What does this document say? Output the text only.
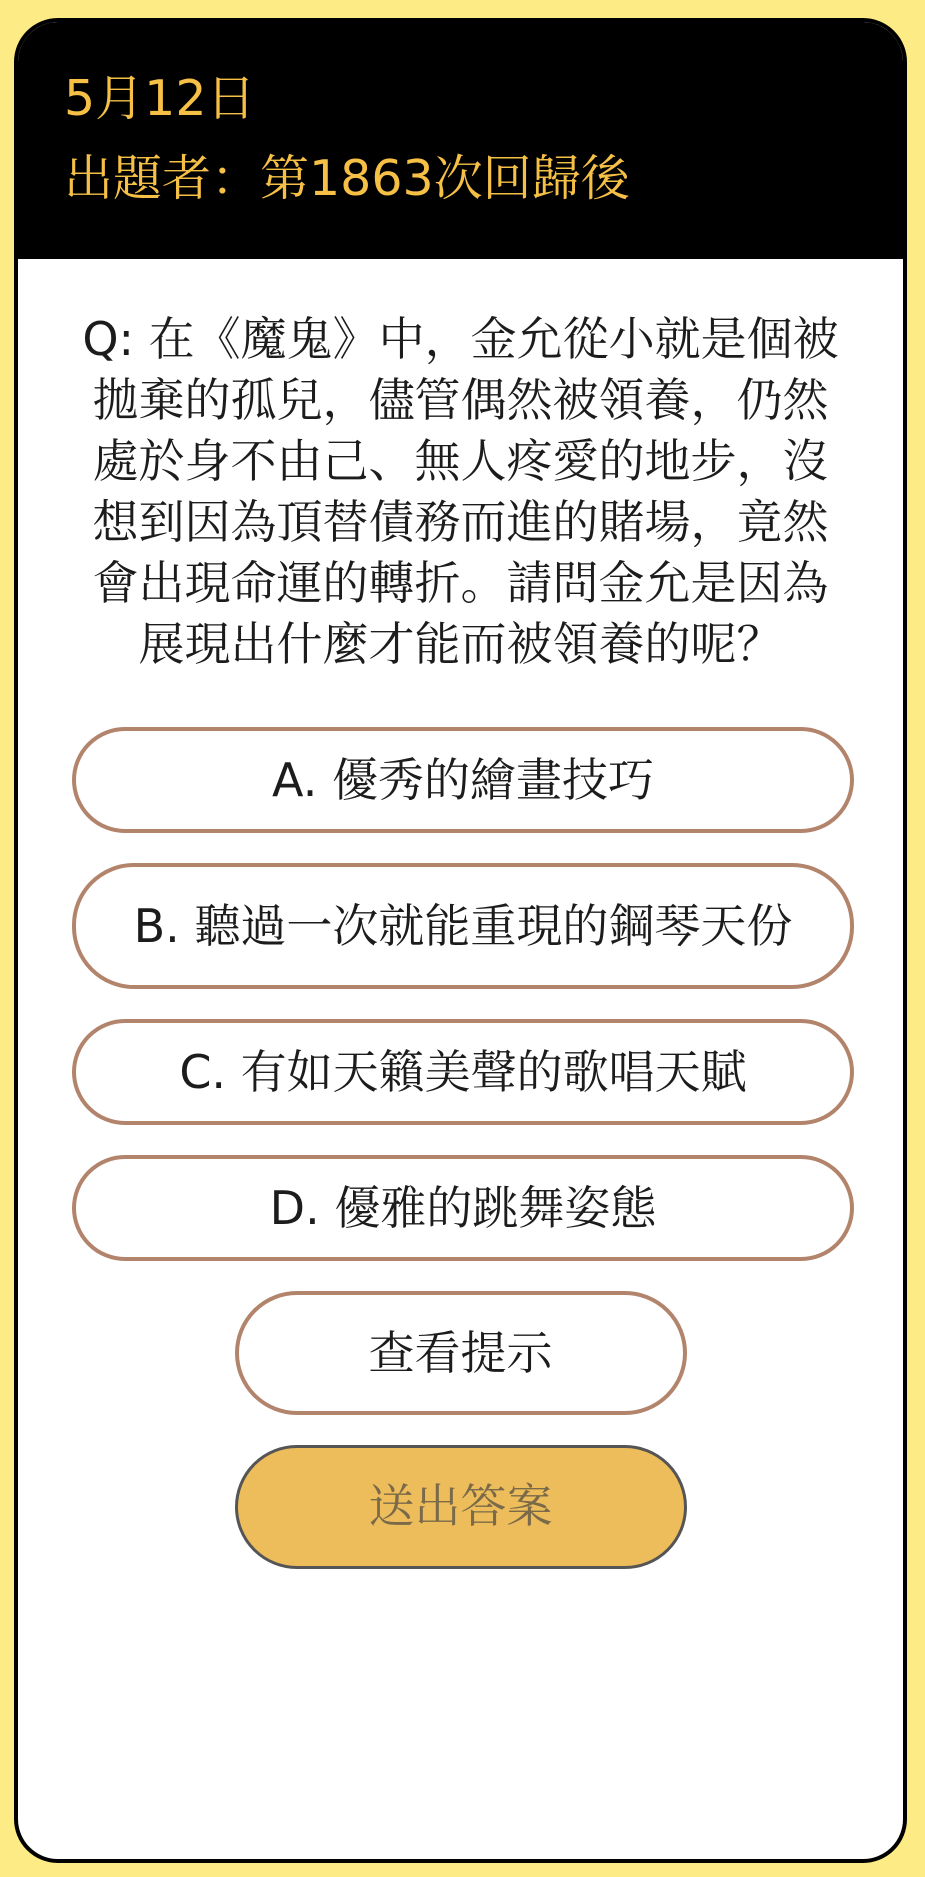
5月12日
出題者：第1863次回歸後
Q: 在《魔鬼》中，金允從小就是個被拋棄的孤兒，儘管偶然被領養，仍然處於身不由己、無人疼愛的地步，沒想到因為頂替債務而進的賭場，竟然會出現命運的轉折。請問金允是因為展現出什麼才能而被領養的呢？
A. 優秀的繪畫技巧
B. 聽過一次就能重現的鋼琴天份
C. 有如天籟美聲的歌唱天賦
D. 優雅的跳舞姿態
查看提示
送出答案
